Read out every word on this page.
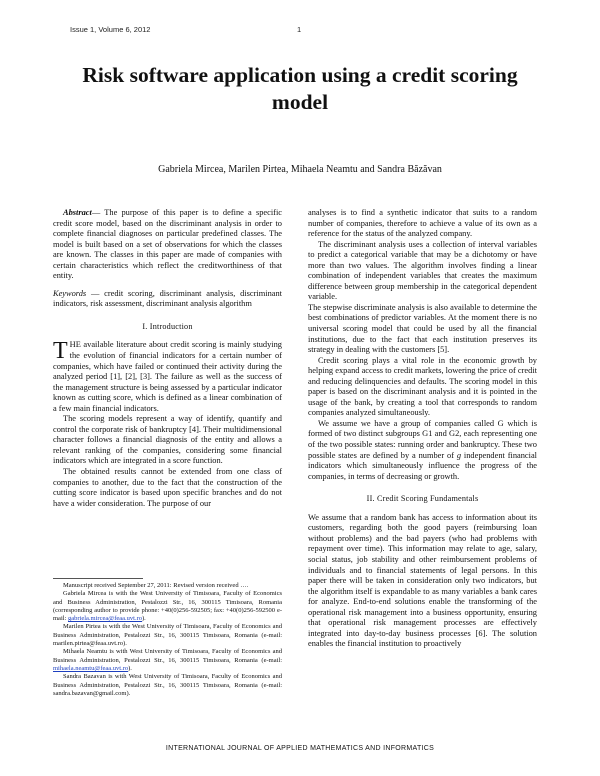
Issue 1, Volume 6, 2012	1
Risk software application using a credit scoring model
Gabriela Mircea, Marilen Pirtea, Mihaela Neamtu and Sandra Băzăvan

Abstract— The purpose of this paper is to define a specific credit score model, based on the discriminant analysis in order to complete financial diagnoses on particular predefined classes. The model is built based on a set of observations for which the classes are known. The classes in this paper are made of companies with certain characteristics which reflect the creditworthiness of that entity.

Keywords — credit scoring, discriminant analysis, discriminant indicators, risk assessment, discriminant analysis algorithm

I. Introduction

THE available literature about credit scoring is mainly studying the evolution of financial indicators for a certain number of companies, which have failed or continued their activity during the analyzed period [1], [2], [3]. The failure as well as the success of the management structure is being assessed by a particular indicator known as cutting score, which is defined as a linear combination of a few main financial indicators.

The scoring models represent a way of identify, quantify and control the corporate risk of bankruptcy [4]. Their multidimensional character follows a financial diagnosis of the entity and allows a relevant ranking of the companies, considering some financial indicators which are integrated in a score function.

The obtained results cannot be extended from one class of companies to another, due to the fact that the construction of the cutting score indicator is based upon specific branches and do not have a wider consideration. The purpose of our

Manuscript received September 27, 2011: Revised version received ….

Gabriela Mircea is with the West University of Timisoara, Faculty of Economics and Business Administration, Pestalozzi Str., 16, 300115 Timisoara, Romania (corresponding author to provide phone: +40(0)256-592505; fax: +40(0)256-592500 e-mail: gabriela.mircea@feaa.uvt.ro).

Marilen Pirtea is with the West University of Timisoara, Faculty of Economics and Business Administration, Pestalozzi Str., 16, 300115 Timisoara, Romania (e-mail: marilen.pirtea@feaa.uvt.ro).

Mihaela Neamtu is with West University of Timisoara, Faculty of Economics and Business Administration, Pestalozzi Str., 16, 300115 Timisoara, Romania (e-mail: mihaela.neamtu@feaa.uvt.ro).

Sandra Bazavan is with West University of Timisoara, Faculty of Economics and Business Administration, Pestalozzi Str., 16, 300115 Timisoara, Romania (e-mail: sandra.bazavan@gmail.com).

analyses is to find a synthetic indicator that suits to a random number of companies, therefore to achieve a value of its own as a reference for the status of the analyzed company.

The discriminant analysis uses a collection of interval variables to predict a categorical variable that may be a dichotomy or have more than two values. The algorithm involves finding a linear combination of independent variables that creates the maximum difference between group membership in the categorical dependent variable.

The stepwise discriminate analysis is also available to determine the best combinations of predictor variables. At the moment there is no universal scoring model that could be used by all the financial institutions, due to the fact that each institution preserves its strategy in dealing with the customers [5].

Credit scoring plays a vital role in the economic growth by helping expand access to credit markets, lowering the price of credit and reducing delinquencies and defaults. The scoring model in this paper is based on the discriminant analysis and it is pointed in the usage of the bank, by creating a tool that corresponds to random companies analyzed simultaneously.

We assume we have a group of companies called G which is formed of two distinct subgroups G1 and G2, each representing one of the two possible states: running order and bankruptcy. These two possible states are defined by a number of g independent financial indicators which simultaneously influence the progress of the companies, in terms of decreasing or growth.

II. Credit Scoring Fundamentals

We assume that a random bank has access to information about its customers, regarding both the good payers (reimbursing loan without problems) and the bad payers (who had problems with repayment over time). This information may relate to age, salary, social status, job stability and other reimbursement problems of individuals and to financial statements of legal persons. In this paper there will be taken in consideration only two indicators, but the algorithm itself is expandable to as many variables a bank cares for analyze. End-to-end solutions enable the transforming of the operational risk management into a business opportunity, ensuring that operational risk management processes are effectively integrated into day-to-day business processes [6]. The solution enables the financial institution to proactively

INTERNATIONAL JOURNAL OF APPLIED MATHEMATICS AND INFORMATICS
